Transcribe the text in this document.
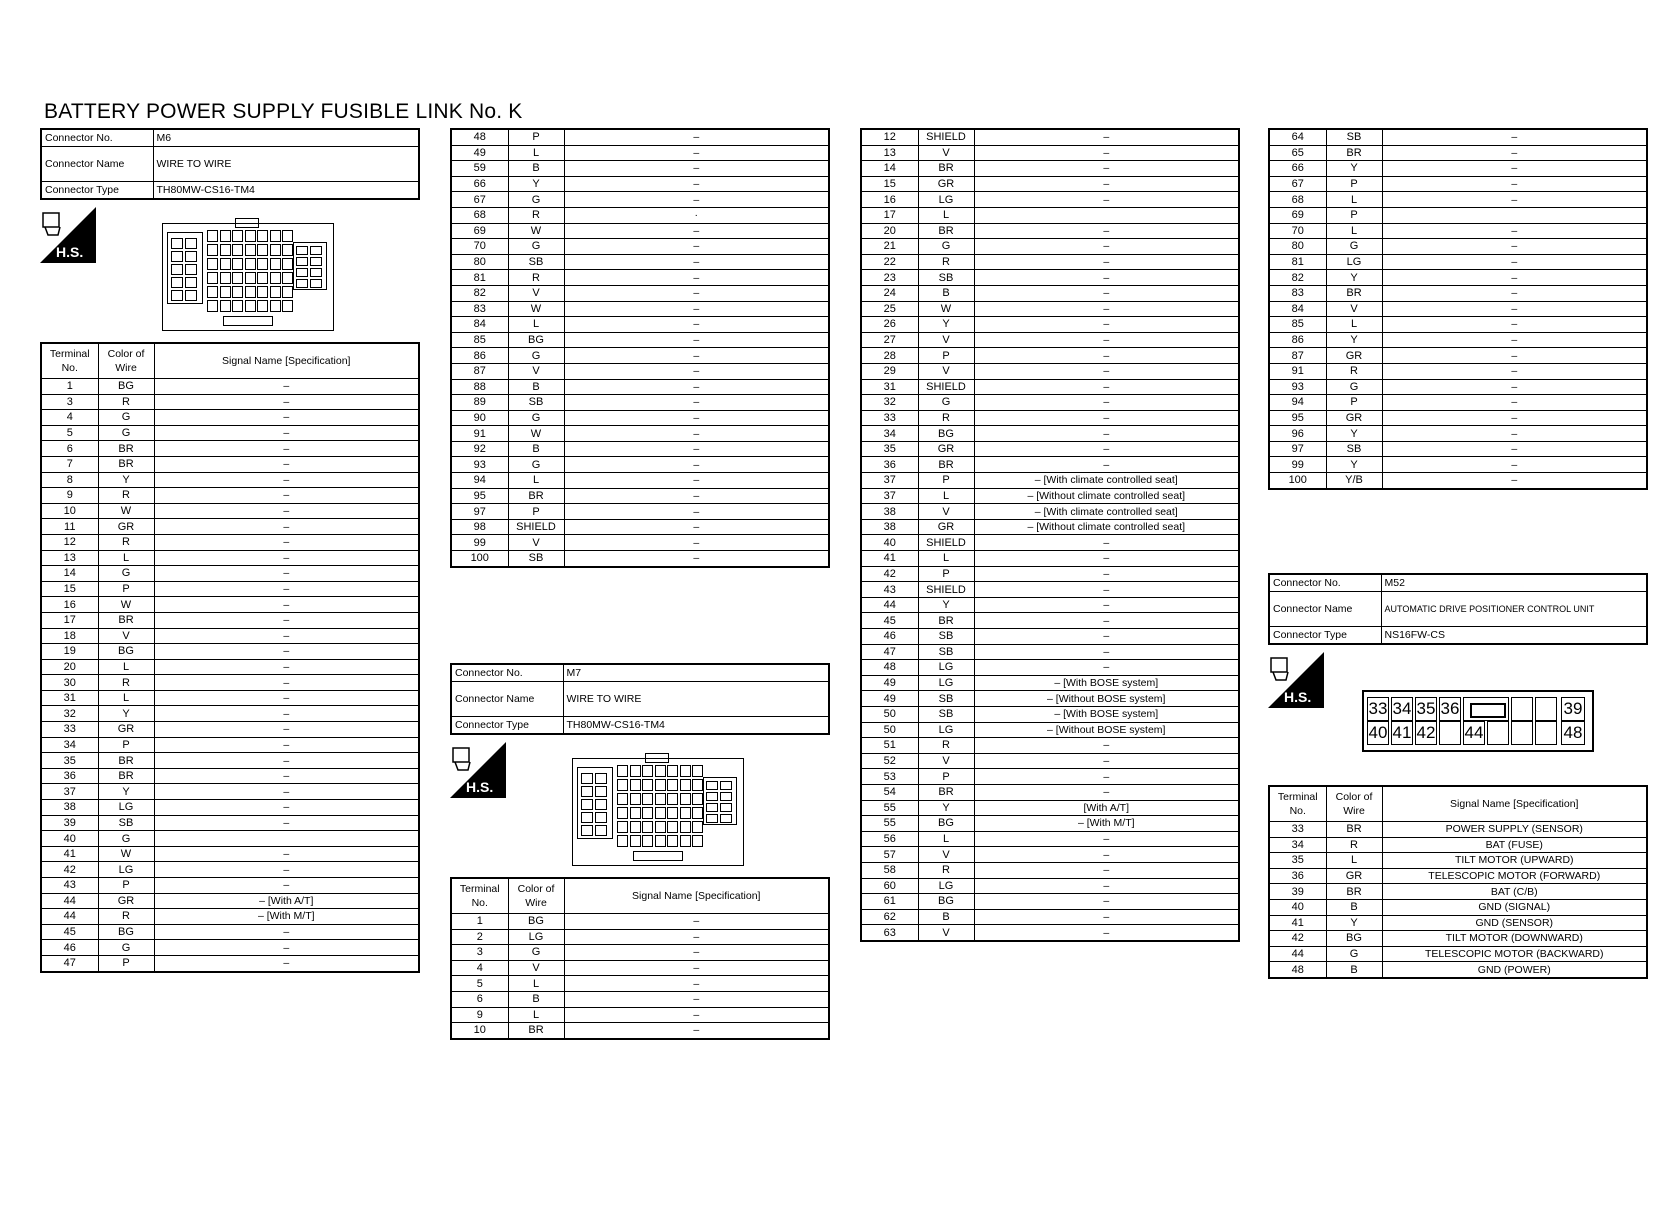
BATTERY POWER SUPPLY FUSIBLE LINK No. K
Connector No.	M6
Connector Name	WIRE TO WIRE
Connector Type	TH80MW-CS16-TM4
H.S.
Terminal No.	Color of Wire	Signal Name [Specification]
1	BG	–
3	R	–
4	G	–
5	G	–
6	BR	–
7	BR	–
8	Y	–
9	R	–
10	W	–
11	GR	–
12	R	–
13	L	–
14	G	–
15	P	–
16	W	–
17	BR	–
18	V	–
19	BG	–
20	L	–
30	R	–
31	L	–
32	Y	–
33	GR	–
34	P	–
35	BR	–
36	BR	–
37	Y	–
38	LG	–
39	SB	–
40	G	
41	W	–
42	LG	–
43	P	–
44	GR	– [With A/T]
44	R	– [With M/T]
45	BG	–
46	G	–
47	P	–
48	P	–
49	L	–
59	B	–
66	Y	–
67	G	–
68	R	·
69	W	–
70	G	–
80	SB	–
81	R	–
82	V	–
83	W	–
84	L	–
85	BG	–
86	G	–
87	V	–
88	B	–
89	SB	–
90	G	–
91	W	–
92	B	–
93	G	–
94	L	–
95	BR	–
97	P	–
98	SHIELD	–
99	V	–
100	SB	–
Connector No.	M7
Connector Name	WIRE TO WIRE
Connector Type	TH80MW-CS16-TM4
H.S.
Terminal No.	Color of Wire	Signal Name [Specification]
1	BG	–
2	LG	–
3	G	–
4	V	–
5	L	–
6	B	–
9	L	–
10	BR	–
12	SHIELD	–
13	V	–
14	BR	–
15	GR	–
16	LG	–
17	L	
20	BR	–
21	G	–
22	R	–
23	SB	–
24	B	–
25	W	–
26	Y	–
27	V	–
28	P	–
29	V	–
31	SHIELD	–
32	G	–
33	R	–
34	BG	–
35	GR	–
36	BR	–
37	P	– [With climate controlled seat]
37	L	– [Without climate controlled seat]
38	V	– [With climate controlled seat]
38	GR	– [Without climate controlled seat]
40	SHIELD	–
41	L	–
42	P	–
43	SHIELD	–
44	Y	–
45	BR	–
46	SB	–
47	SB	–
48	LG	–
49	LG	– [With BOSE system]
49	SB	– [Without BOSE system]
50	SB	– [With BOSE system]
50	LG	– [Without BOSE system]
51	R	–
52	V	–
53	P	–
54	BR	–
55	Y	[With A/T]
55	BG	– [With M/T]
56	L	–
57	V	–
58	R	–
60	LG	–
61	BG	–
62	B	–
63	V	–
64	SB	–
65	BR	–
66	Y	–
67	P	–
68	L	–
69	P	
70	L	–
80	G	–
81	LG	–
82	Y	–
83	BR	–
84	V	–
85	L	–
86	Y	–
87	GR	–
91	R	–
93	G	–
94	P	–
95	GR	–
96	Y	–
97	SB	–
99	Y	–
100	Y/B	–
Connector No.	M52
Connector Name	AUTOMATIC DRIVE POSITIONER CONTROL UNIT
Connector Type	NS16FW-CS
H.S.
33 34 35 36	39
40 41 42 44	48
Terminal No.	Color of Wire	Signal Name [Specification]
33	BR	POWER SUPPLY (SENSOR)
34	R	BAT (FUSE)
35	L	TILT MOTOR (UPWARD)
36	GR	TELESCOPIC MOTOR (FORWARD)
39	BR	BAT (C/B)
40	B	GND (SIGNAL)
41	Y	GND (SENSOR)
42	BG	TILT MOTOR (DOWNWARD)
44	G	TELESCOPIC MOTOR (BACKWARD)
48	B	GND (POWER)
